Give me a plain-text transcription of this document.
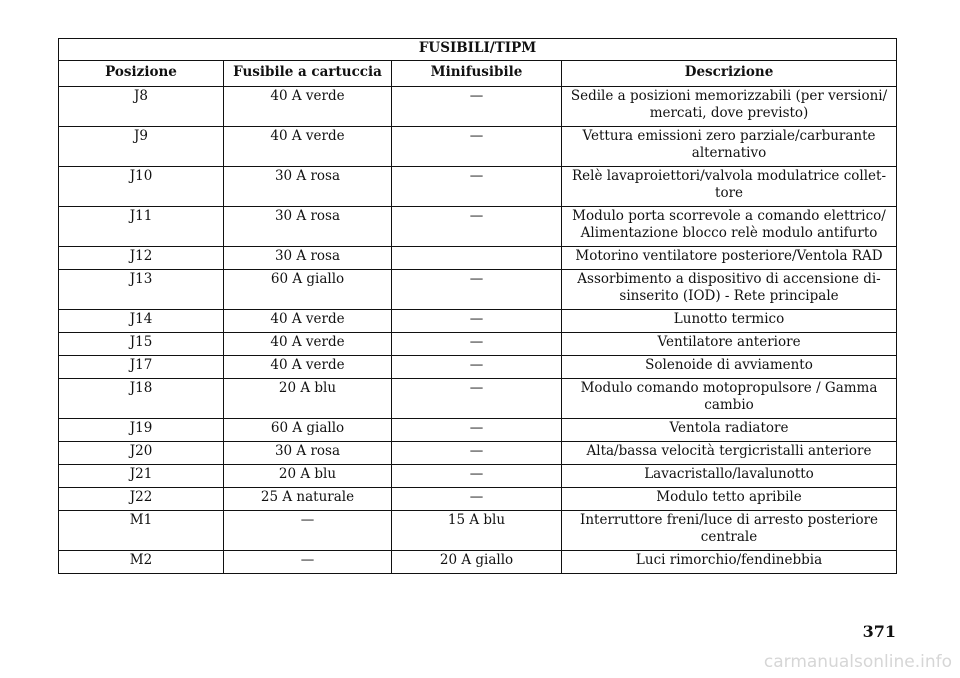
FUSIBILI/TIPM			
Posizione	Fusibile a cartuccia	Minifusibile	Descrizione
J8	40 A verde	—	Sedile a posizioni memorizzabili (per versioni/ mercati, dove previsto)
J9	40 A verde	—	Vettura emissioni zero parziale/carburante alternativo
J10	30 A rosa	—	Relè lavaproiettori/valvola modulatrice collet-tore
J11	30 A rosa	—	Modulo porta scorrevole a comando elettrico/ Alimentazione blocco relè modulo antifurto
J12	30 A rosa		Motorino ventilatore posteriore/Ventola RAD
J13	60 A giallo	—	Assorbimento a dispositivo di accensione di-sinserito (IOD) - Rete principale
J14	40 A verde	—	Lunotto termico
J15	40 A verde	—	Ventilatore anteriore
J17	40 A verde	—	Solenoide di avviamento
J18	20 A blu	—	Modulo comando motopropulsore / Gamma cambio
J19	60 A giallo	—	Ventola radiatore
J20	30 A rosa	—	Alta/bassa velocità tergicristalli anteriore
J21	20 A blu	—	Lavacristallo/lavalunotto
J22	25 A naturale	—	Modulo tetto apribile
M1	—	15 A blu	Interruttore freni/luce di arresto posteriore centrale
M2	—	20 A giallo	Luci rimorchio/fendinebbia
371
carmanualsonline.info
